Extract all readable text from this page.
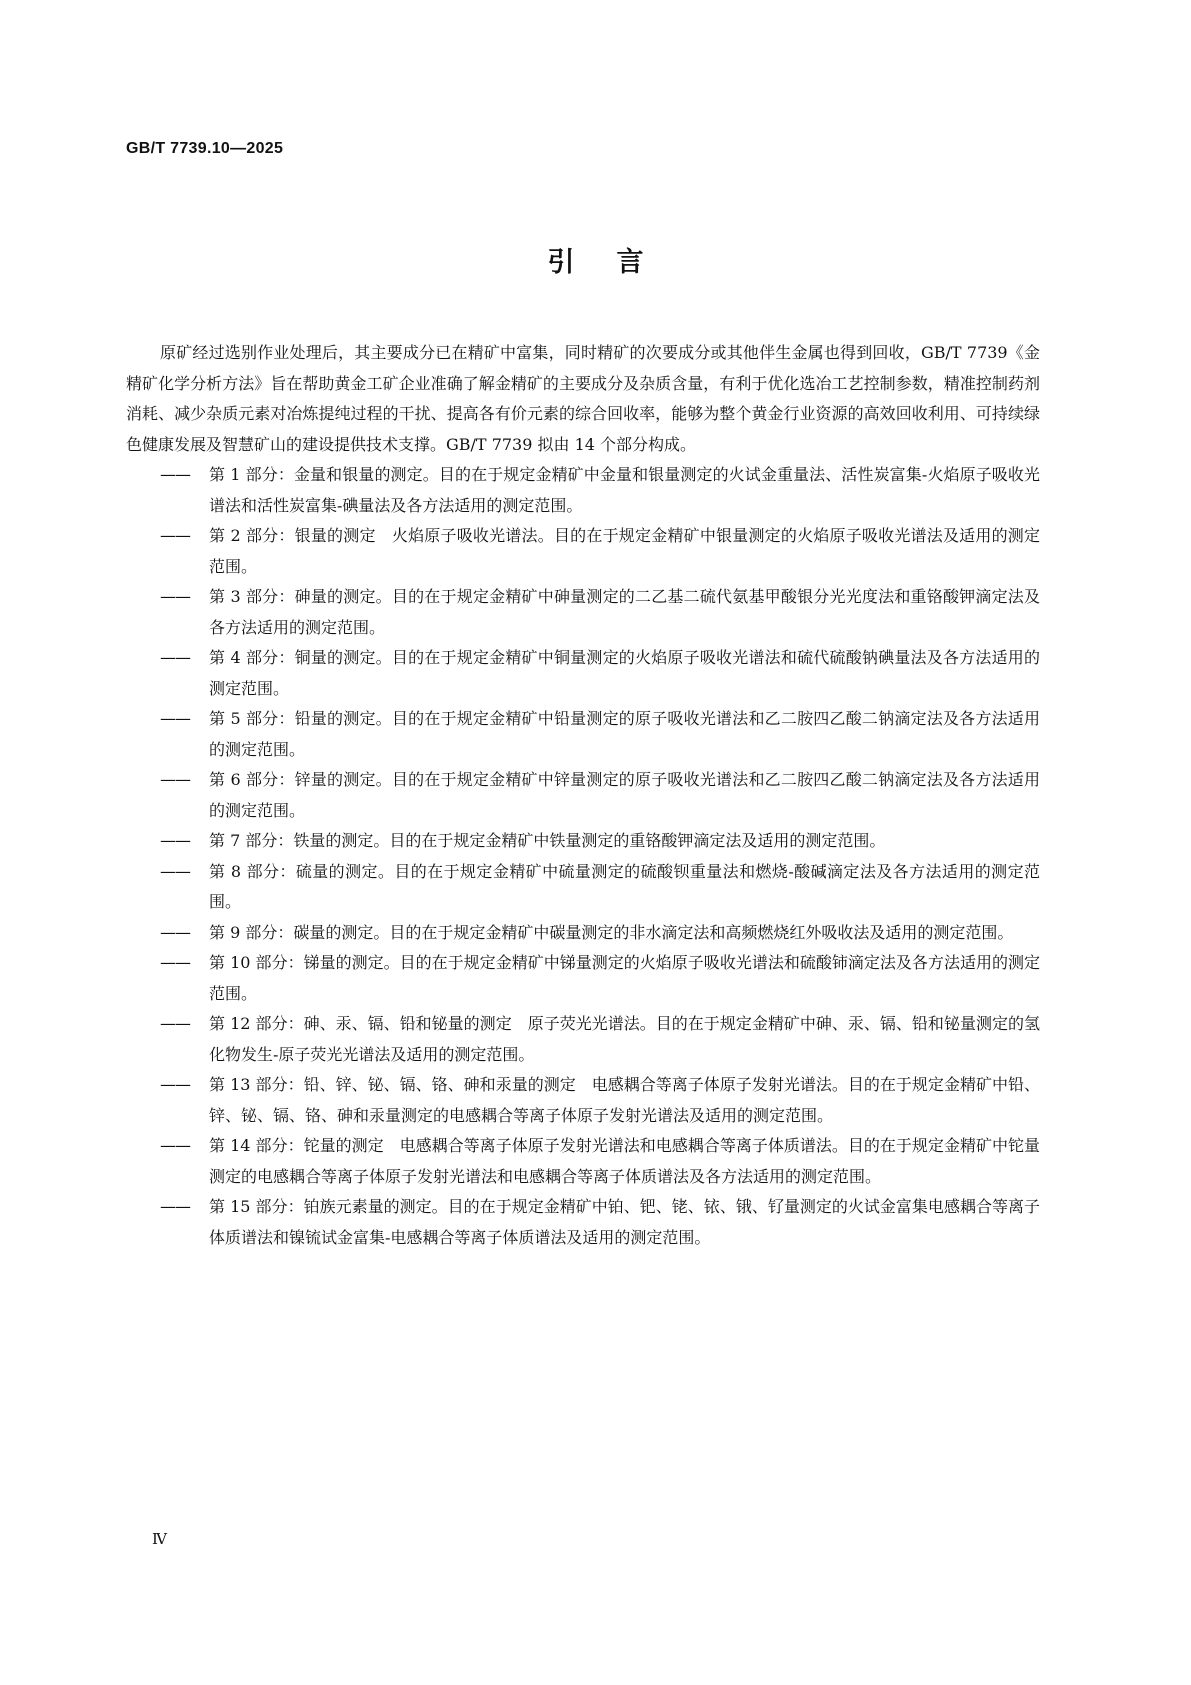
GB/T 7739.10—2025
引言

原矿经过选别作业处理后，其主要成分已在精矿中富集，同时精矿的次要成分或其他伴生金属也得到回收，GB/T 7739《金精矿化学分析方法》旨在帮助黄金工矿企业准确了解金精矿的主要成分及杂质含量，有利于优化选冶工艺控制参数，精准控制药剂消耗、减少杂质元素对冶炼提纯过程的干扰、提高各有价元素的综合回收率，能够为整个黄金行业资源的高效回收利用、可持续绿色健康发展及智慧矿山的建设提供技术支撑。GB/T 7739 拟由 14 个部分构成。

—— 第 1 部分：金量和银量的测定。目的在于规定金精矿中金量和银量测定的火试金重量法、活性炭富集-火焰原子吸收光谱法和活性炭富集-碘量法及各方法适用的测定范围。
—— 第 2 部分：银量的测定　火焰原子吸收光谱法。目的在于规定金精矿中银量测定的火焰原子吸收光谱法及适用的测定范围。
—— 第 3 部分：砷量的测定。目的在于规定金精矿中砷量测定的二乙基二硫代氨基甲酸银分光光度法和重铬酸钾滴定法及各方法适用的测定范围。
—— 第 4 部分：铜量的测定。目的在于规定金精矿中铜量测定的火焰原子吸收光谱法和硫代硫酸钠碘量法及各方法适用的测定范围。
—— 第 5 部分：铅量的测定。目的在于规定金精矿中铅量测定的原子吸收光谱法和乙二胺四乙酸二钠滴定法及各方法适用的测定范围。
—— 第 6 部分：锌量的测定。目的在于规定金精矿中锌量测定的原子吸收光谱法和乙二胺四乙酸二钠滴定法及各方法适用的测定范围。
—— 第 7 部分：铁量的测定。目的在于规定金精矿中铁量测定的重铬酸钾滴定法及适用的测定范围。
—— 第 8 部分：硫量的测定。目的在于规定金精矿中硫量测定的硫酸钡重量法和燃烧-酸碱滴定法及各方法适用的测定范围。
—— 第 9 部分：碳量的测定。目的在于规定金精矿中碳量测定的非水滴定法和高频燃烧红外吸收法及适用的测定范围。
—— 第 10 部分：锑量的测定。目的在于规定金精矿中锑量测定的火焰原子吸收光谱法和硫酸铈滴定法及各方法适用的测定范围。
—— 第 12 部分：砷、汞、镉、铅和铋量的测定　原子荧光光谱法。目的在于规定金精矿中砷、汞、镉、铅和铋量测定的氢化物发生-原子荧光光谱法及适用的测定范围。
—— 第 13 部分：铅、锌、铋、镉、铬、砷和汞量的测定　电感耦合等离子体原子发射光谱法。目的在于规定金精矿中铅、锌、铋、镉、铬、砷和汞量测定的电感耦合等离子体原子发射光谱法及适用的测定范围。
—— 第 14 部分：铊量的测定　电感耦合等离子体原子发射光谱法和电感耦合等离子体质谱法。目的在于规定金精矿中铊量测定的电感耦合等离子体原子发射光谱法和电感耦合等离子体质谱法及各方法适用的测定范围。
—— 第 15 部分：铂族元素量的测定。目的在于规定金精矿中铂、钯、铑、铱、锇、钌量测定的火试金富集电感耦合等离子体质谱法和镍锍试金富集-电感耦合等离子体质谱法及适用的测定范围。
Ⅳ
